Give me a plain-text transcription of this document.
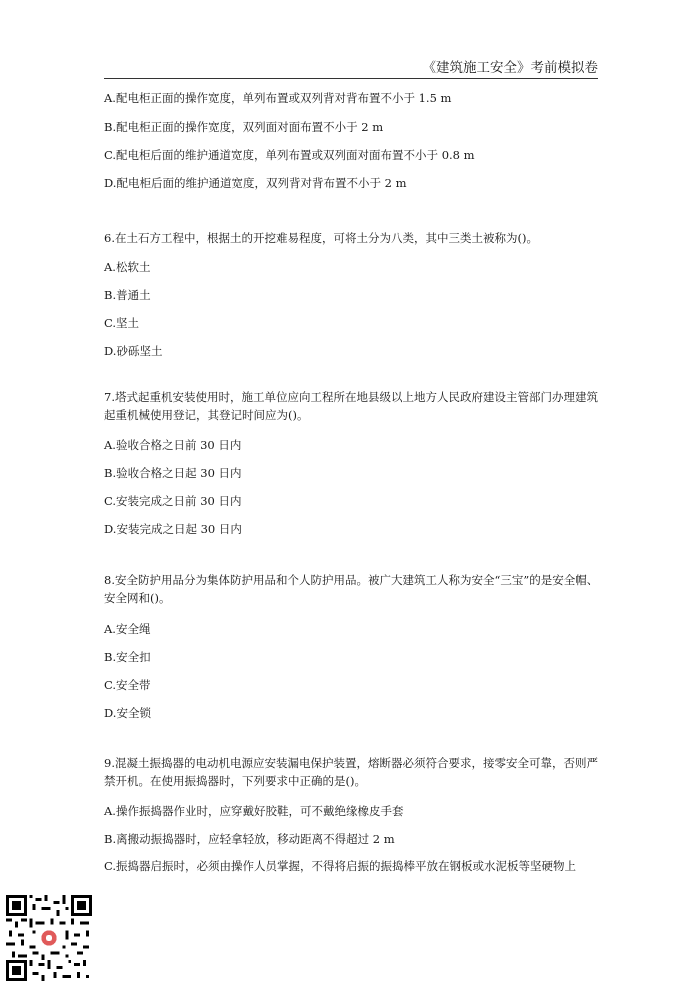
《建筑施工安全》考前模拟卷
A.配电柜正面的操作宽度，单列布置或双列背对背布置不小于 1.5 m
B.配电柜正面的操作宽度，双列面对面布置不小于 2 m
C.配电柜后面的维护通道宽度，单列布置或双列面对面布置不小于 0.8 m
D.配电柜后面的维护通道宽度，双列背对背布置不小于 2 m
6.在土石方工程中，根据土的开挖难易程度，可将土分为八类，其中三类土被称为()。
A.松软土
B.普通土
C.坚土
D.砂砾坚土
7.塔式起重机安装使用时，施工单位应向工程所在地县级以上地方人民政府建设主管部门办理建筑起重机械使用登记，其登记时间应为()。
A.验收合格之日前 30 日内
B.验收合格之日起 30 日内
C.安装完成之日前 30 日内
D.安装完成之日起 30 日内
8.安全防护用品分为集体防护用品和个人防护用品。被广大建筑工人称为安全“三宝”的是安全帽、安全网和()。
A.安全绳
B.安全扣
C.安全带
D.安全锁
9.混凝土振捣器的电动机电源应安装漏电保护装置，熔断器必须符合要求，接零安全可靠，否则严禁开机。在使用振捣器时，下列要求中正确的是()。
A.操作振捣器作业时，应穿戴好胶鞋，可不戴绝缘橡皮手套
B.离搬动振捣器时，应轻拿轻放，移动距离不得超过 2 m
C.振捣器启振时，必须由操作人员掌握，不得将启振的振捣棒平放在钢板或水泥板等坚硬物上
